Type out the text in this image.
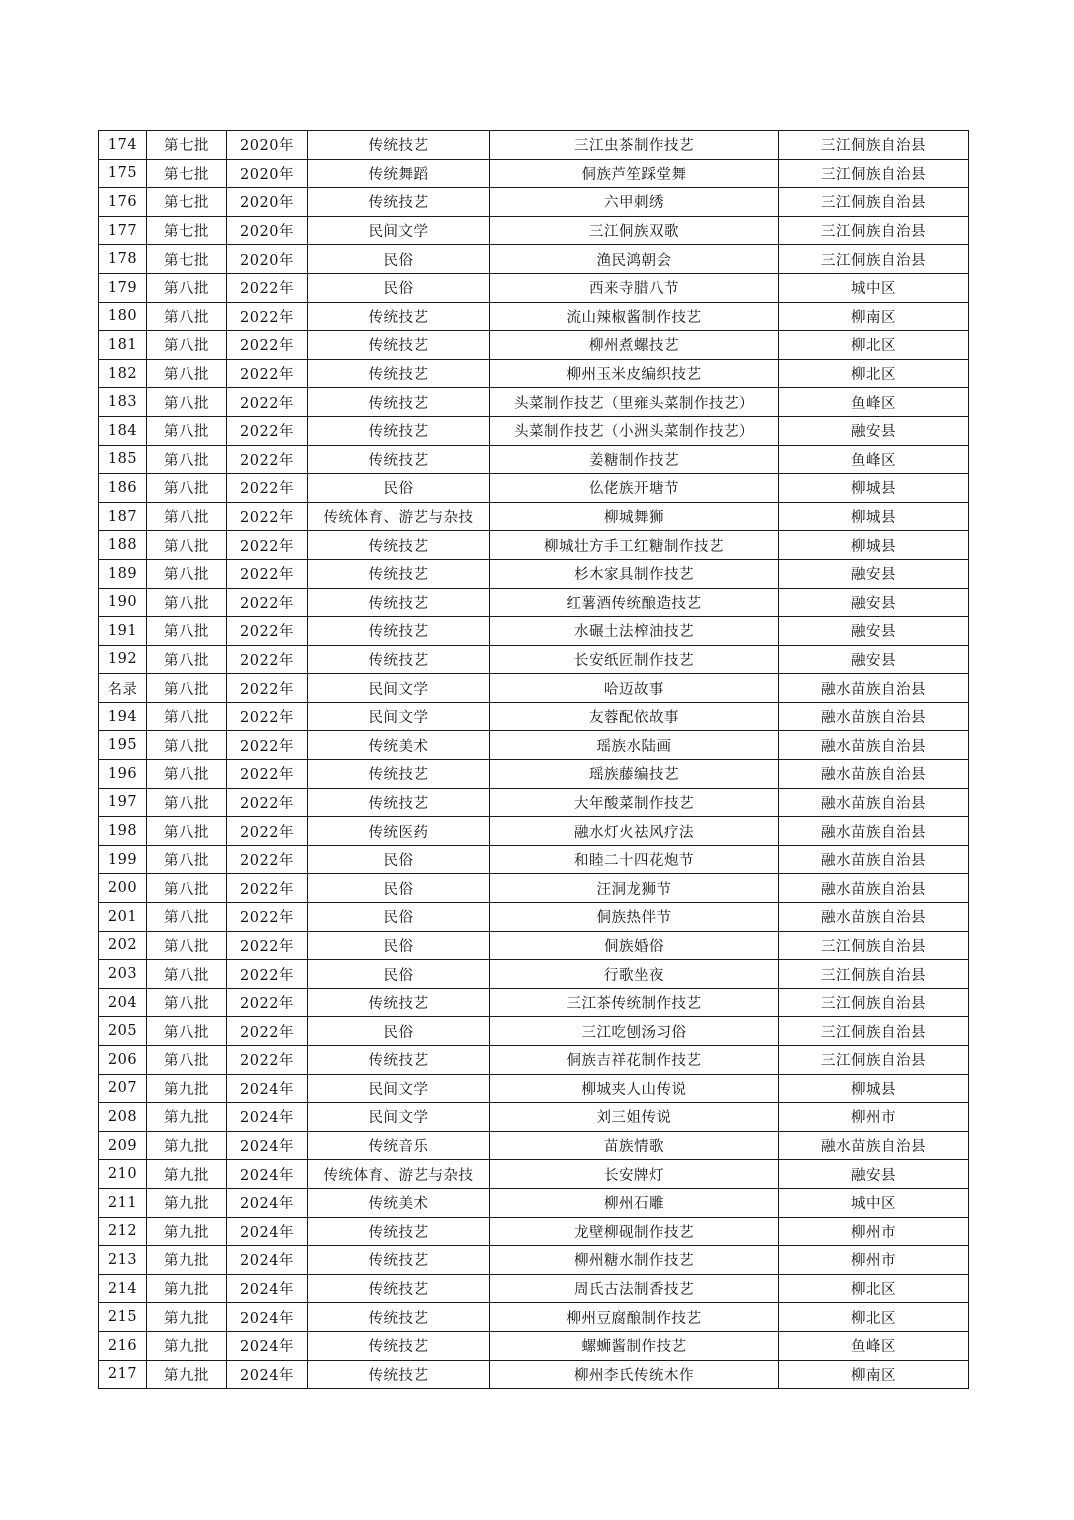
174	第七批	2020年	传统技艺	三江虫茶制作技艺	三江侗族自治县
175	第七批	2020年	传统舞蹈	侗族芦笙踩堂舞	三江侗族自治县
176	第七批	2020年	传统技艺	六甲刺绣	三江侗族自治县
177	第七批	2020年	民间文学	三江侗族双歌	三江侗族自治县
178	第七批	2020年	民俗	渔民鸿朝会	三江侗族自治县
179	第八批	2022年	民俗	西来寺腊八节	城中区
180	第八批	2022年	传统技艺	流山辣椒酱制作技艺	柳南区
181	第八批	2022年	传统技艺	柳州煮螺技艺	柳北区
182	第八批	2022年	传统技艺	柳州玉米皮编织技艺	柳北区
183	第八批	2022年	传统技艺	头菜制作技艺（里雍头菜制作技艺）	鱼峰区
184	第八批	2022年	传统技艺	头菜制作技艺（小洲头菜制作技艺）	融安县
185	第八批	2022年	传统技艺	姜糖制作技艺	鱼峰区
186	第八批	2022年	民俗	仫佬族开塘节	柳城县
187	第八批	2022年	传统体育、游艺与杂技	柳城舞狮	柳城县
188	第八批	2022年	传统技艺	柳城壮方手工红糖制作技艺	柳城县
189	第八批	2022年	传统技艺	杉木家具制作技艺	融安县
190	第八批	2022年	传统技艺	红薯酒传统酿造技艺	融安县
191	第八批	2022年	传统技艺	水碾土法榨油技艺	融安县
192	第八批	2022年	传统技艺	长安纸匠制作技艺	融安县
名录	第八批	2022年	民间文学	哈迈故事	融水苗族自治县
194	第八批	2022年	民间文学	友蓉配依故事	融水苗族自治县
195	第八批	2022年	传统美术	瑶族水陆画	融水苗族自治县
196	第八批	2022年	传统技艺	瑶族藤编技艺	融水苗族自治县
197	第八批	2022年	传统技艺	大年酸菜制作技艺	融水苗族自治县
198	第八批	2022年	传统医药	融水灯火祛风疗法	融水苗族自治县
199	第八批	2022年	民俗	和睦二十四花炮节	融水苗族自治县
200	第八批	2022年	民俗	汪洞龙狮节	融水苗族自治县
201	第八批	2022年	民俗	侗族热伴节	融水苗族自治县
202	第八批	2022年	民俗	侗族婚俗	三江侗族自治县
203	第八批	2022年	民俗	行歌坐夜	三江侗族自治县
204	第八批	2022年	传统技艺	三江茶传统制作技艺	三江侗族自治县
205	第八批	2022年	民俗	三江吃刨汤习俗	三江侗族自治县
206	第八批	2022年	传统技艺	侗族吉祥花制作技艺	三江侗族自治县
207	第九批	2024年	民间文学	柳城夹人山传说	柳城县
208	第九批	2024年	民间文学	刘三姐传说	柳州市
209	第九批	2024年	传统音乐	苗族情歌	融水苗族自治县
210	第九批	2024年	传统体育、游艺与杂技	长安牌灯	融安县
211	第九批	2024年	传统美术	柳州石雕	城中区
212	第九批	2024年	传统技艺	龙壁柳砚制作技艺	柳州市
213	第九批	2024年	传统技艺	柳州糖水制作技艺	柳州市
214	第九批	2024年	传统技艺	周氏古法制香技艺	柳北区
215	第九批	2024年	传统技艺	柳州豆腐酿制作技艺	柳北区
216	第九批	2024年	传统技艺	螺蛳酱制作技艺	鱼峰区
217	第九批	2024年	传统技艺	柳州李氏传统木作	柳南区
